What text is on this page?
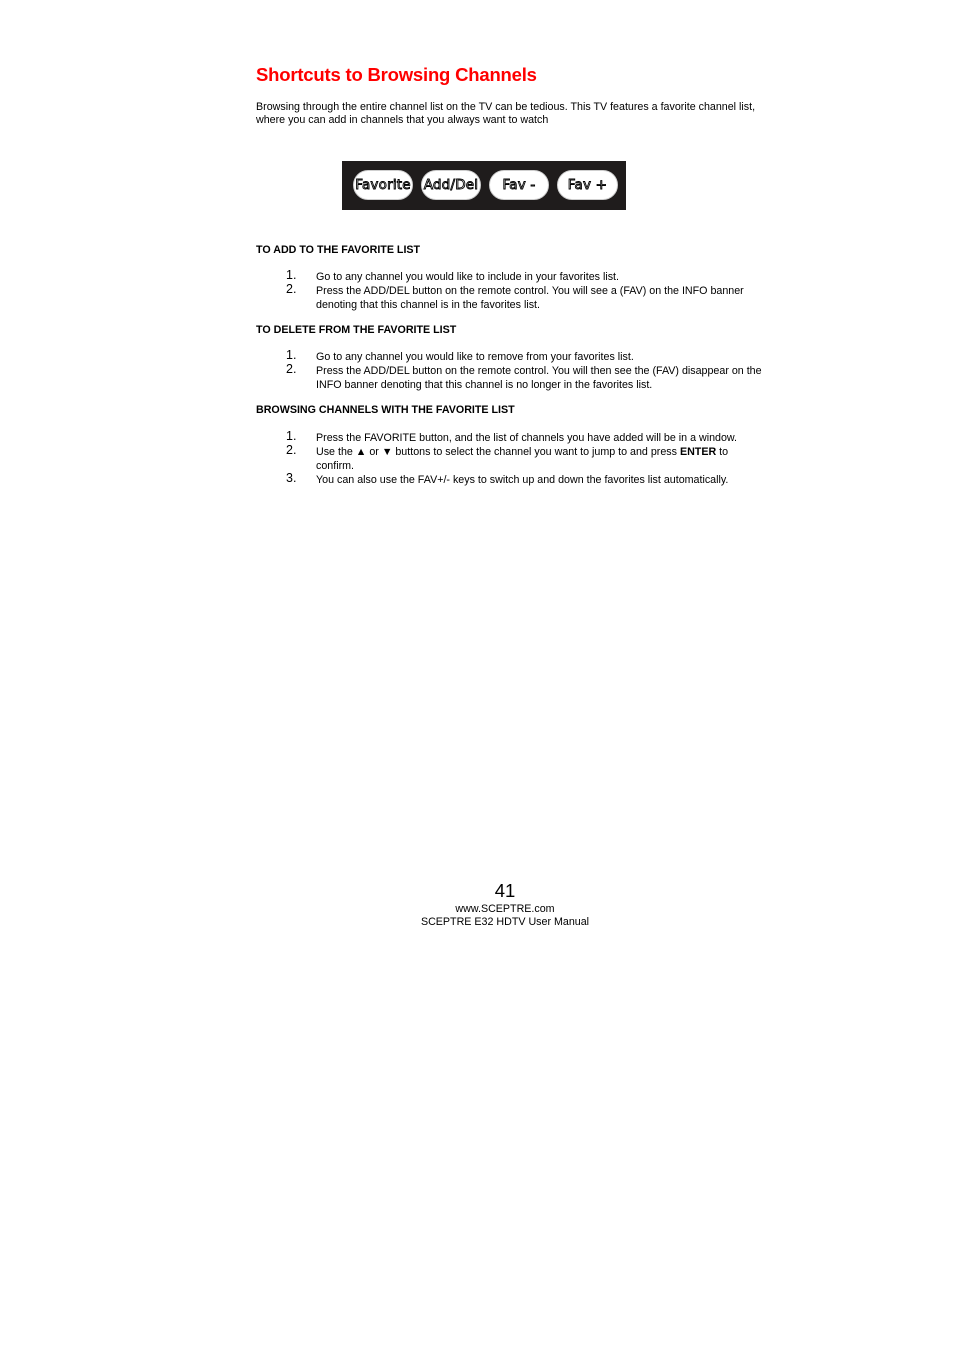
Shortcuts to Browsing Channels

Browsing through the entire channel list on the TV can be tedious. This TV features a favorite channel list, where you can add in channels that you always want to watch

Favorite Add/Del	Fav -	Fav +
TO ADD TO THE FAVORITE LIST
1. Go to any channel you would like to include in your favorites list.
2. Press the ADD/DEL button on the remote control. You will see a (FAV) on the INFO banner denoting that this channel is in the favorites list.
TO DELETE FROM THE FAVORITE LIST
1. Go to any channel you would like to remove from your favorites list.
2. Press the ADD/DEL button on the remote control. You will then see the (FAV) disappear on the INFO banner denoting that this channel is no longer in the favorites list.
BROWSING CHANNELS WITH THE FAVORITE LIST
1. Press the FAVORITE button, and the list of channels you have added will be in a window.
2. Use the ▲ or ▼ buttons to select the channel you want to jump to and press ENTER to confirm.
3. You can also use the FAV+/- keys to switch up and down the favorites list automatically.
41
www.SCEPTRE.com
SCEPTRE E32 HDTV User Manual
